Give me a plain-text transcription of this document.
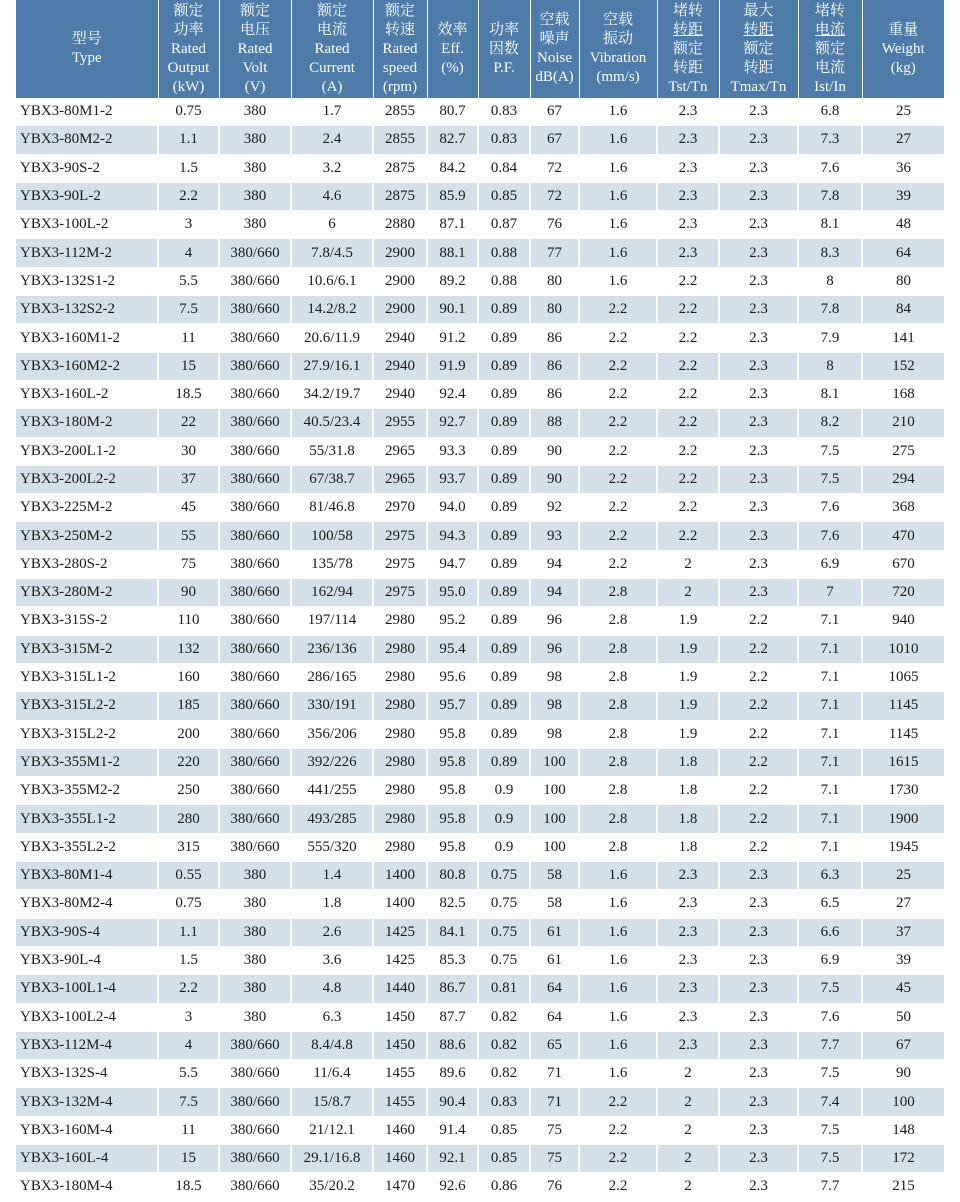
型号
Type	额定
功率
Rated
Output
(kW)	额定
电压
Rated
Volt
(V)	额定
电流
Rated
Current
(A)	额定
转速
Rated
speed
(rpm)	效率
Eff.
(%)	功率
因数
P.F.	空载
噪声
Noise
dB(A)	空载
振动
Vibration
(mm/s)	堵转
转距
额定
转距
Tst/Tn	最大
转距
额定
转距
Tmax/Tn	堵转
电流
额定
电流
Ist/In	重量
Weight
(kg)

YBX3-80M1-2	0.75	380	1.7	2855	80.7	0.83	67	1.6	2.3	2.3	6.8	25
YBX3-80M2-2	1.1	380	2.4	2855	82.7	0.83	67	1.6	2.3	2.3	7.3	27
YBX3-90S-2	1.5	380	3.2	2875	84.2	0.84	72	1.6	2.3	2.3	7.6	36
YBX3-90L-2	2.2	380	4.6	2875	85.9	0.85	72	1.6	2.3	2.3	7.8	39
YBX3-100L-2	3	380	6	2880	87.1	0.87	76	1.6	2.3	2.3	8.1	48
YBX3-112M-2	4	380/660	7.8/4.5	2900	88.1	0.88	77	1.6	2.3	2.3	8.3	64
YBX3-132S1-2	5.5	380/660	10.6/6.1	2900	89.2	0.88	80	1.6	2.2	2.3	8	80
YBX3-132S2-2	7.5	380/660	14.2/8.2	2900	90.1	0.89	80	2.2	2.2	2.3	7.8	84
YBX3-160M1-2	11	380/660	20.6/11.9	2940	91.2	0.89	86	2.2	2.2	2.3	7.9	141
YBX3-160M2-2	15	380/660	27.9/16.1	2940	91.9	0.89	86	2.2	2.2	2.3	8	152
YBX3-160L-2	18.5	380/660	34.2/19.7	2940	92.4	0.89	86	2.2	2.2	2.3	8.1	168
YBX3-180M-2	22	380/660	40.5/23.4	2955	92.7	0.89	88	2.2	2.2	2.3	8.2	210
YBX3-200L1-2	30	380/660	55/31.8	2965	93.3	0.89	90	2.2	2.2	2.3	7.5	275
YBX3-200L2-2	37	380/660	67/38.7	2965	93.7	0.89	90	2.2	2.2	2.3	7.5	294
YBX3-225M-2	45	380/660	81/46.8	2970	94.0	0.89	92	2.2	2.2	2.3	7.6	368
YBX3-250M-2	55	380/660	100/58	2975	94.3	0.89	93	2.2	2.2	2.3	7.6	470
YBX3-280S-2	75	380/660	135/78	2975	94.7	0.89	94	2.2	2	2.3	6.9	670
YBX3-280M-2	90	380/660	162/94	2975	95.0	0.89	94	2.8	2	2.3	7	720
YBX3-315S-2	110	380/660	197/114	2980	95.2	0.89	96	2.8	1.9	2.2	7.1	940
YBX3-315M-2	132	380/660	236/136	2980	95.4	0.89	96	2.8	1.9	2.2	7.1	1010
YBX3-315L1-2	160	380/660	286/165	2980	95.6	0.89	98	2.8	1.9	2.2	7.1	1065
YBX3-315L2-2	185	380/660	330/191	2980	95.7	0.89	98	2.8	1.9	2.2	7.1	1145
YBX3-315L2-2	200	380/660	356/206	2980	95.8	0.89	98	2.8	1.9	2.2	7.1	1145
YBX3-355M1-2	220	380/660	392/226	2980	95.8	0.89	100	2.8	1.8	2.2	7.1	1615
YBX3-355M2-2	250	380/660	441/255	2980	95.8	0.9	100	2.8	1.8	2.2	7.1	1730
YBX3-355L1-2	280	380/660	493/285	2980	95.8	0.9	100	2.8	1.8	2.2	7.1	1900
YBX3-355L2-2	315	380/660	555/320	2980	95.8	0.9	100	2.8	1.8	2.2	7.1	1945
YBX3-80M1-4	0.55	380	1.4	1400	80.8	0.75	58	1.6	2.3	2.3	6.3	25
YBX3-80M2-4	0.75	380	1.8	1400	82.5	0.75	58	1.6	2.3	2.3	6.5	27
YBX3-90S-4	1.1	380	2.6	1425	84.1	0.75	61	1.6	2.3	2.3	6.6	37
YBX3-90L-4	1.5	380	3.6	1425	85.3	0.75	61	1.6	2.3	2.3	6.9	39
YBX3-100L1-4	2.2	380	4.8	1440	86.7	0.81	64	1.6	2.3	2.3	7.5	45
YBX3-100L2-4	3	380	6.3	1450	87.7	0.82	64	1.6	2.3	2.3	7.6	50
YBX3-112M-4	4	380/660	8.4/4.8	1450	88.6	0.82	65	1.6	2.3	2.3	7.7	67
YBX3-132S-4	5.5	380/660	11/6.4	1455	89.6	0.82	71	1.6	2	2.3	7.5	90
YBX3-132M-4	7.5	380/660	15/8.7	1455	90.4	0.83	71	2.2	2	2.3	7.4	100
YBX3-160M-4	11	380/660	21/12.1	1460	91.4	0.85	75	2.2	2	2.3	7.5	148
YBX3-160L-4	15	380/660	29.1/16.8	1460	92.1	0.85	75	2.2	2	2.3	7.5	172
YBX3-180M-4	18.5	380/660	35/20.2	1470	92.6	0.86	76	2.2	2	2.3	7.7	215
